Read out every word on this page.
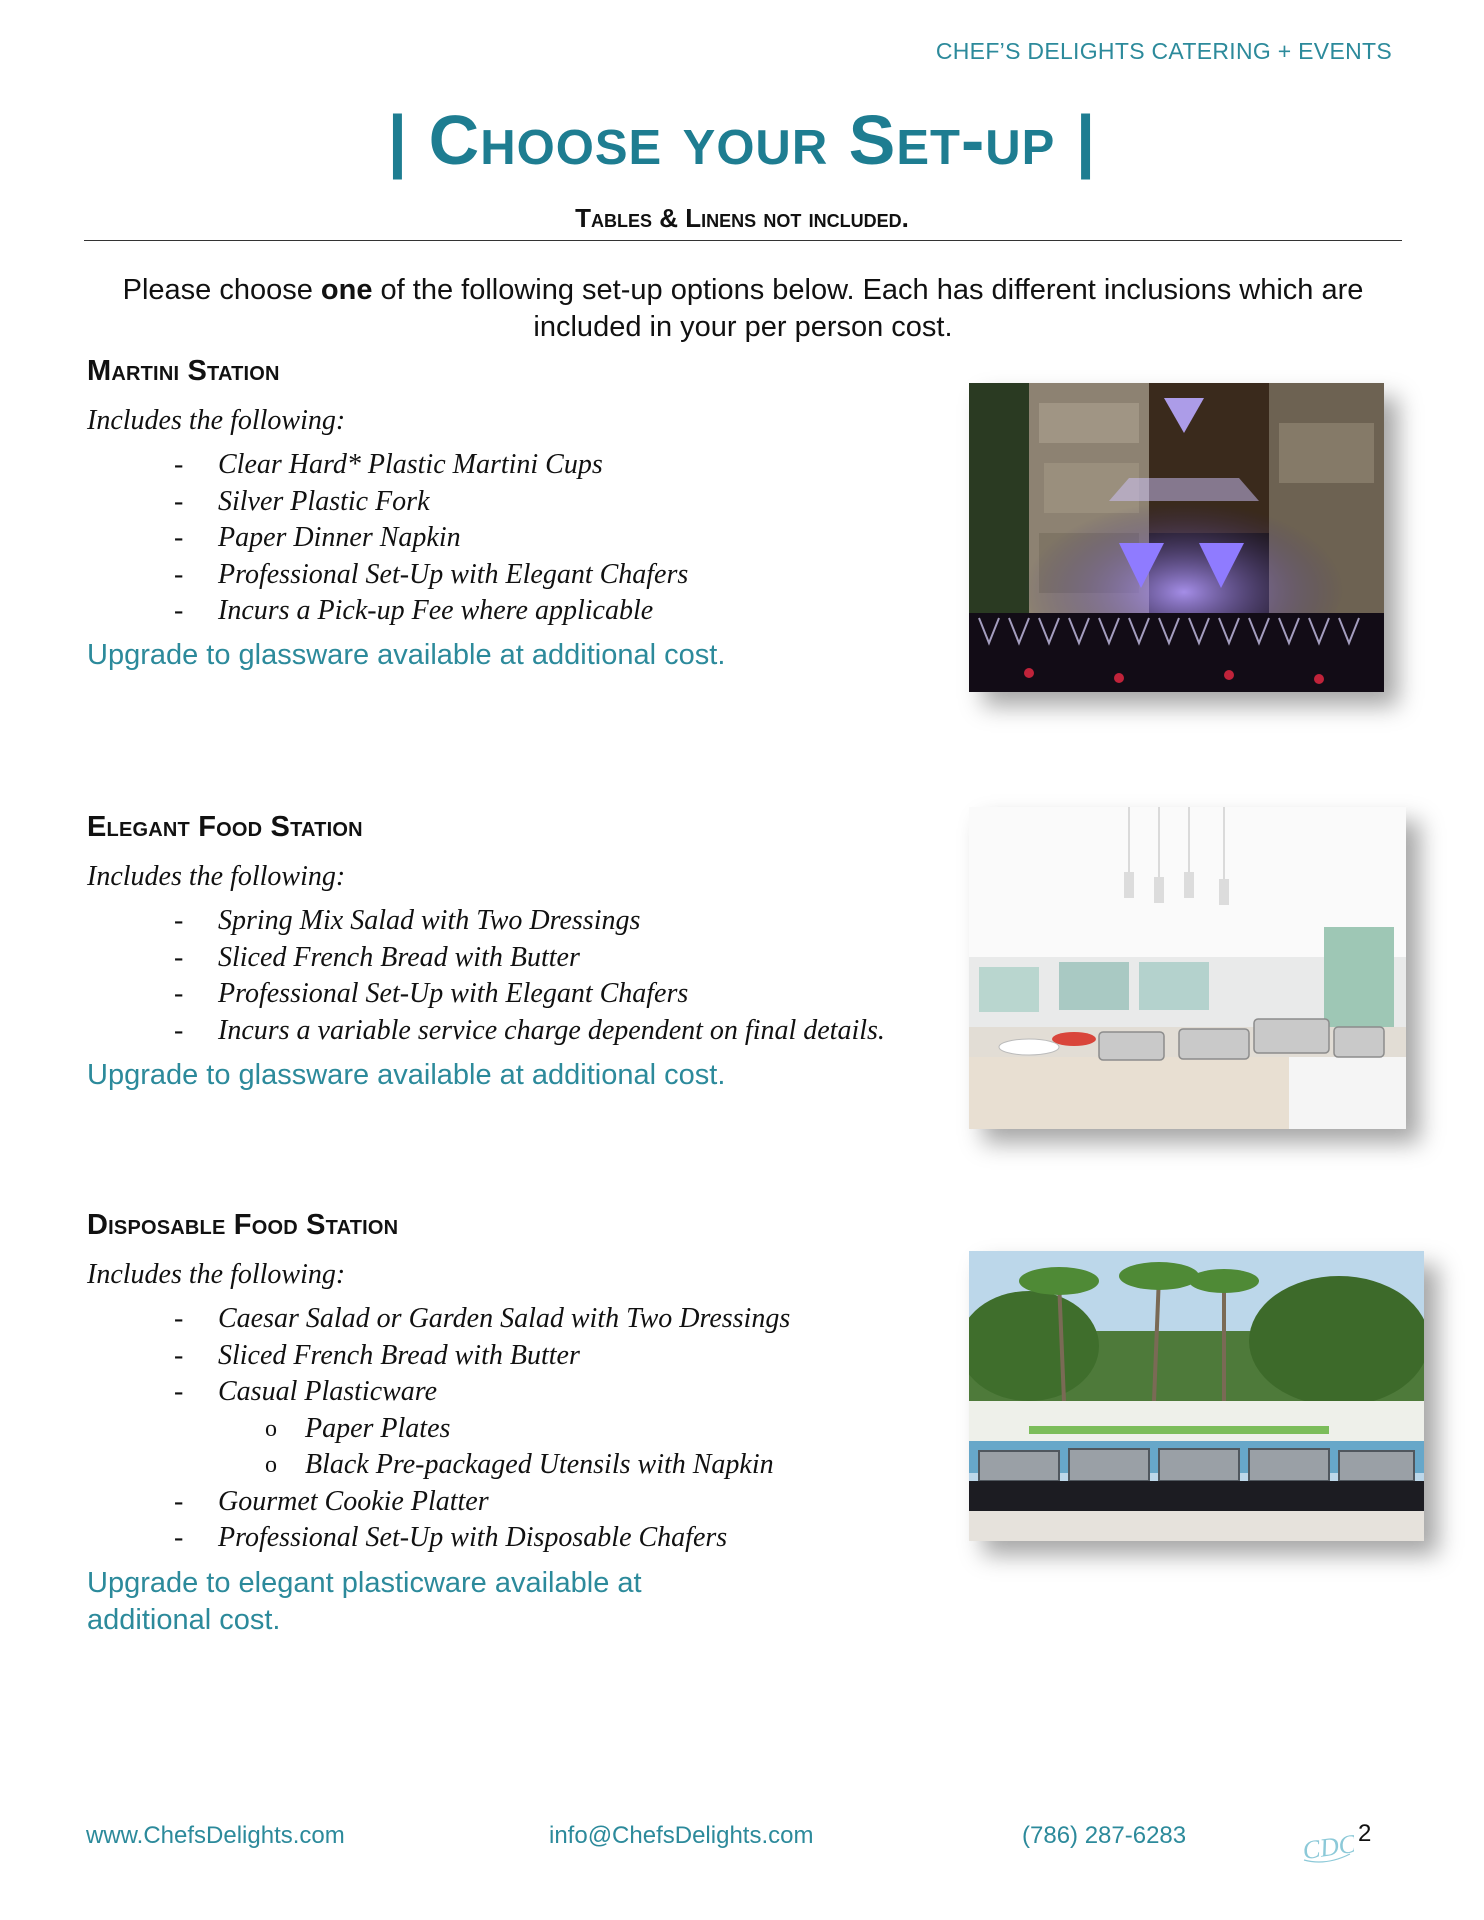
CHEF’S DELIGHTS CATERING + EVENTS
| Choose your Set-up |
Tables & Linens not included.
Please choose one of the following set-up options below. Each has different inclusions which are included in your per person cost.
Martini Station
Includes the following:
- Clear Hard* Plastic Martini Cups
- Silver Plastic Fork
- Paper Dinner Napkin
- Professional Set-Up with Elegant Chafers
- Incurs a Pick-up Fee where applicable
Upgrade to glassware available at additional cost.
Elegant Food Station
Includes the following:
- Spring Mix Salad with Two Dressings
- Sliced French Bread with Butter
- Professional Set-Up with Elegant Chafers
- Incurs a variable service charge dependent on final details.
Upgrade to glassware available at additional cost.
Disposable Food Station
Includes the following:
- Caesar Salad or Garden Salad with Two Dressings
- Sliced French Bread with Butter
- Casual Plasticware
o Paper Plates
o Black Pre-packaged Utensils with Napkin
- Gourmet Cookie Platter
- Professional Set-Up with Disposable Chafers
Upgrade to elegant plasticware available at
additional cost.
www.ChefsDelights.com	info@ChefsDelights.com	(786) 287-6283	CDC 2
